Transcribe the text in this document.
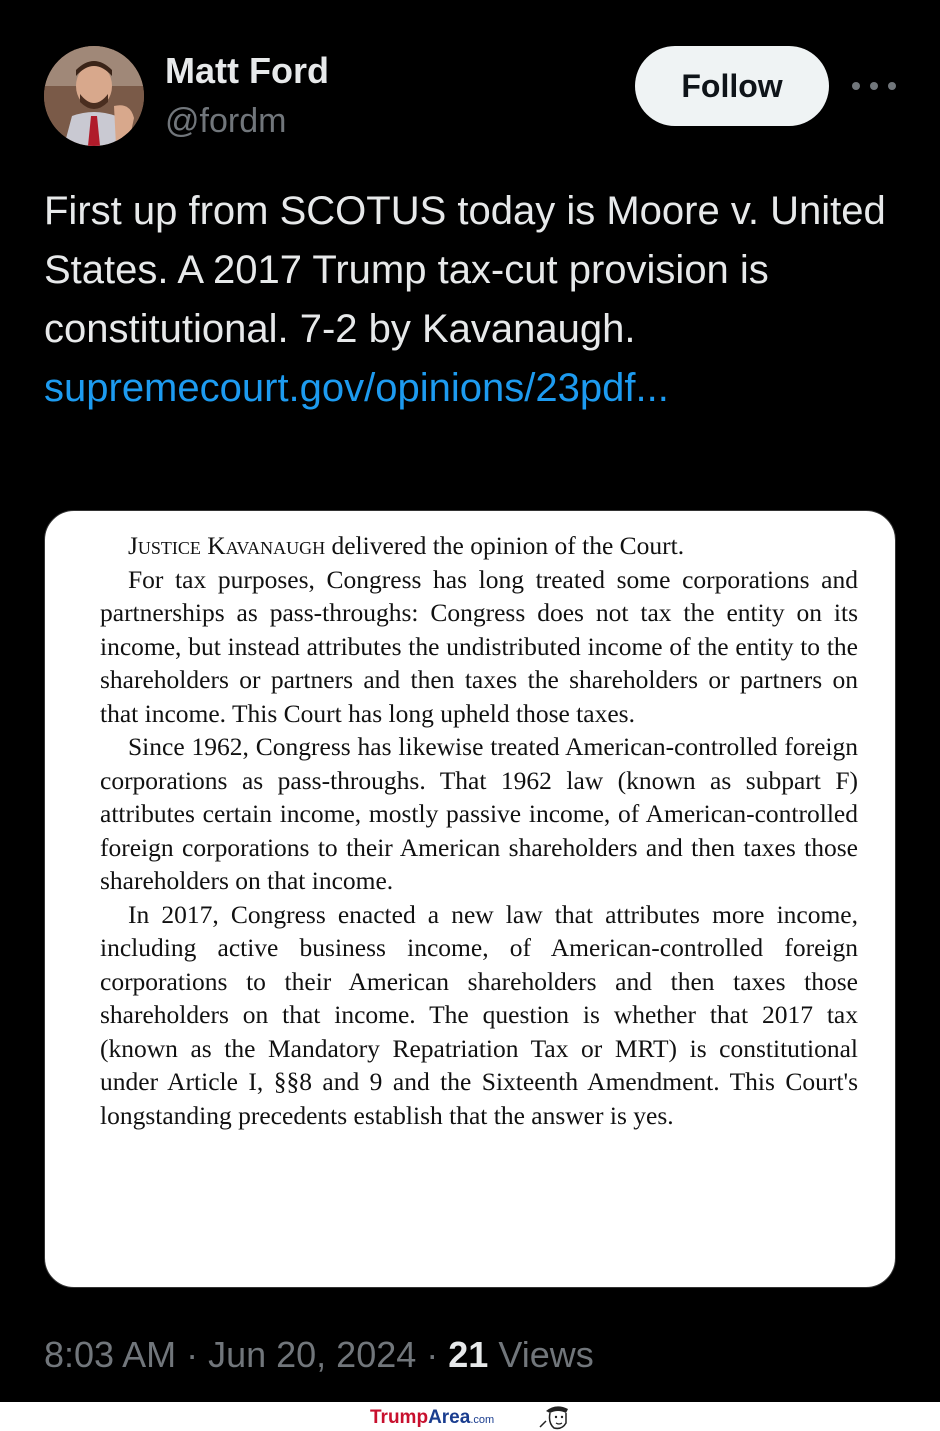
Matt Ford
@fordm
Follow

First up from SCOTUS today is Moore v. United States. A 2017 Trump tax-cut provision is constitutional. 7-2 by Kavanaugh.

supremecourt.gov/opinions/23pdf...

Justice Kavanaugh delivered the opinion of the Court.

For tax purposes, Congress has long treated some corporations and partnerships as pass-throughs: Congress does not tax the entity on its income, but instead attributes the undistributed income of the entity to the shareholders or partners and then taxes the shareholders or partners on that income. This Court has long upheld those taxes.

Since 1962, Congress has likewise treated American-controlled foreign corporations as pass-throughs. That 1962 law (known as subpart F) attributes certain income, mostly passive income, of American-controlled foreign corporations to their American shareholders and then taxes those shareholders on that income.

In 2017, Congress enacted a new law that attributes more income, including active business income, of American-controlled foreign corporations to their American shareholders and then taxes those shareholders on that income. The question is whether that 2017 tax (known as the Mandatory Repatriation Tax or MRT) is constitutional under Article I, §§8 and 9 and the Sixteenth Amendment. This Court's longstanding precedents establish that the answer is yes.

8:03 AM · Jun 20, 2024 · 21 Views
TrumpArea.com
